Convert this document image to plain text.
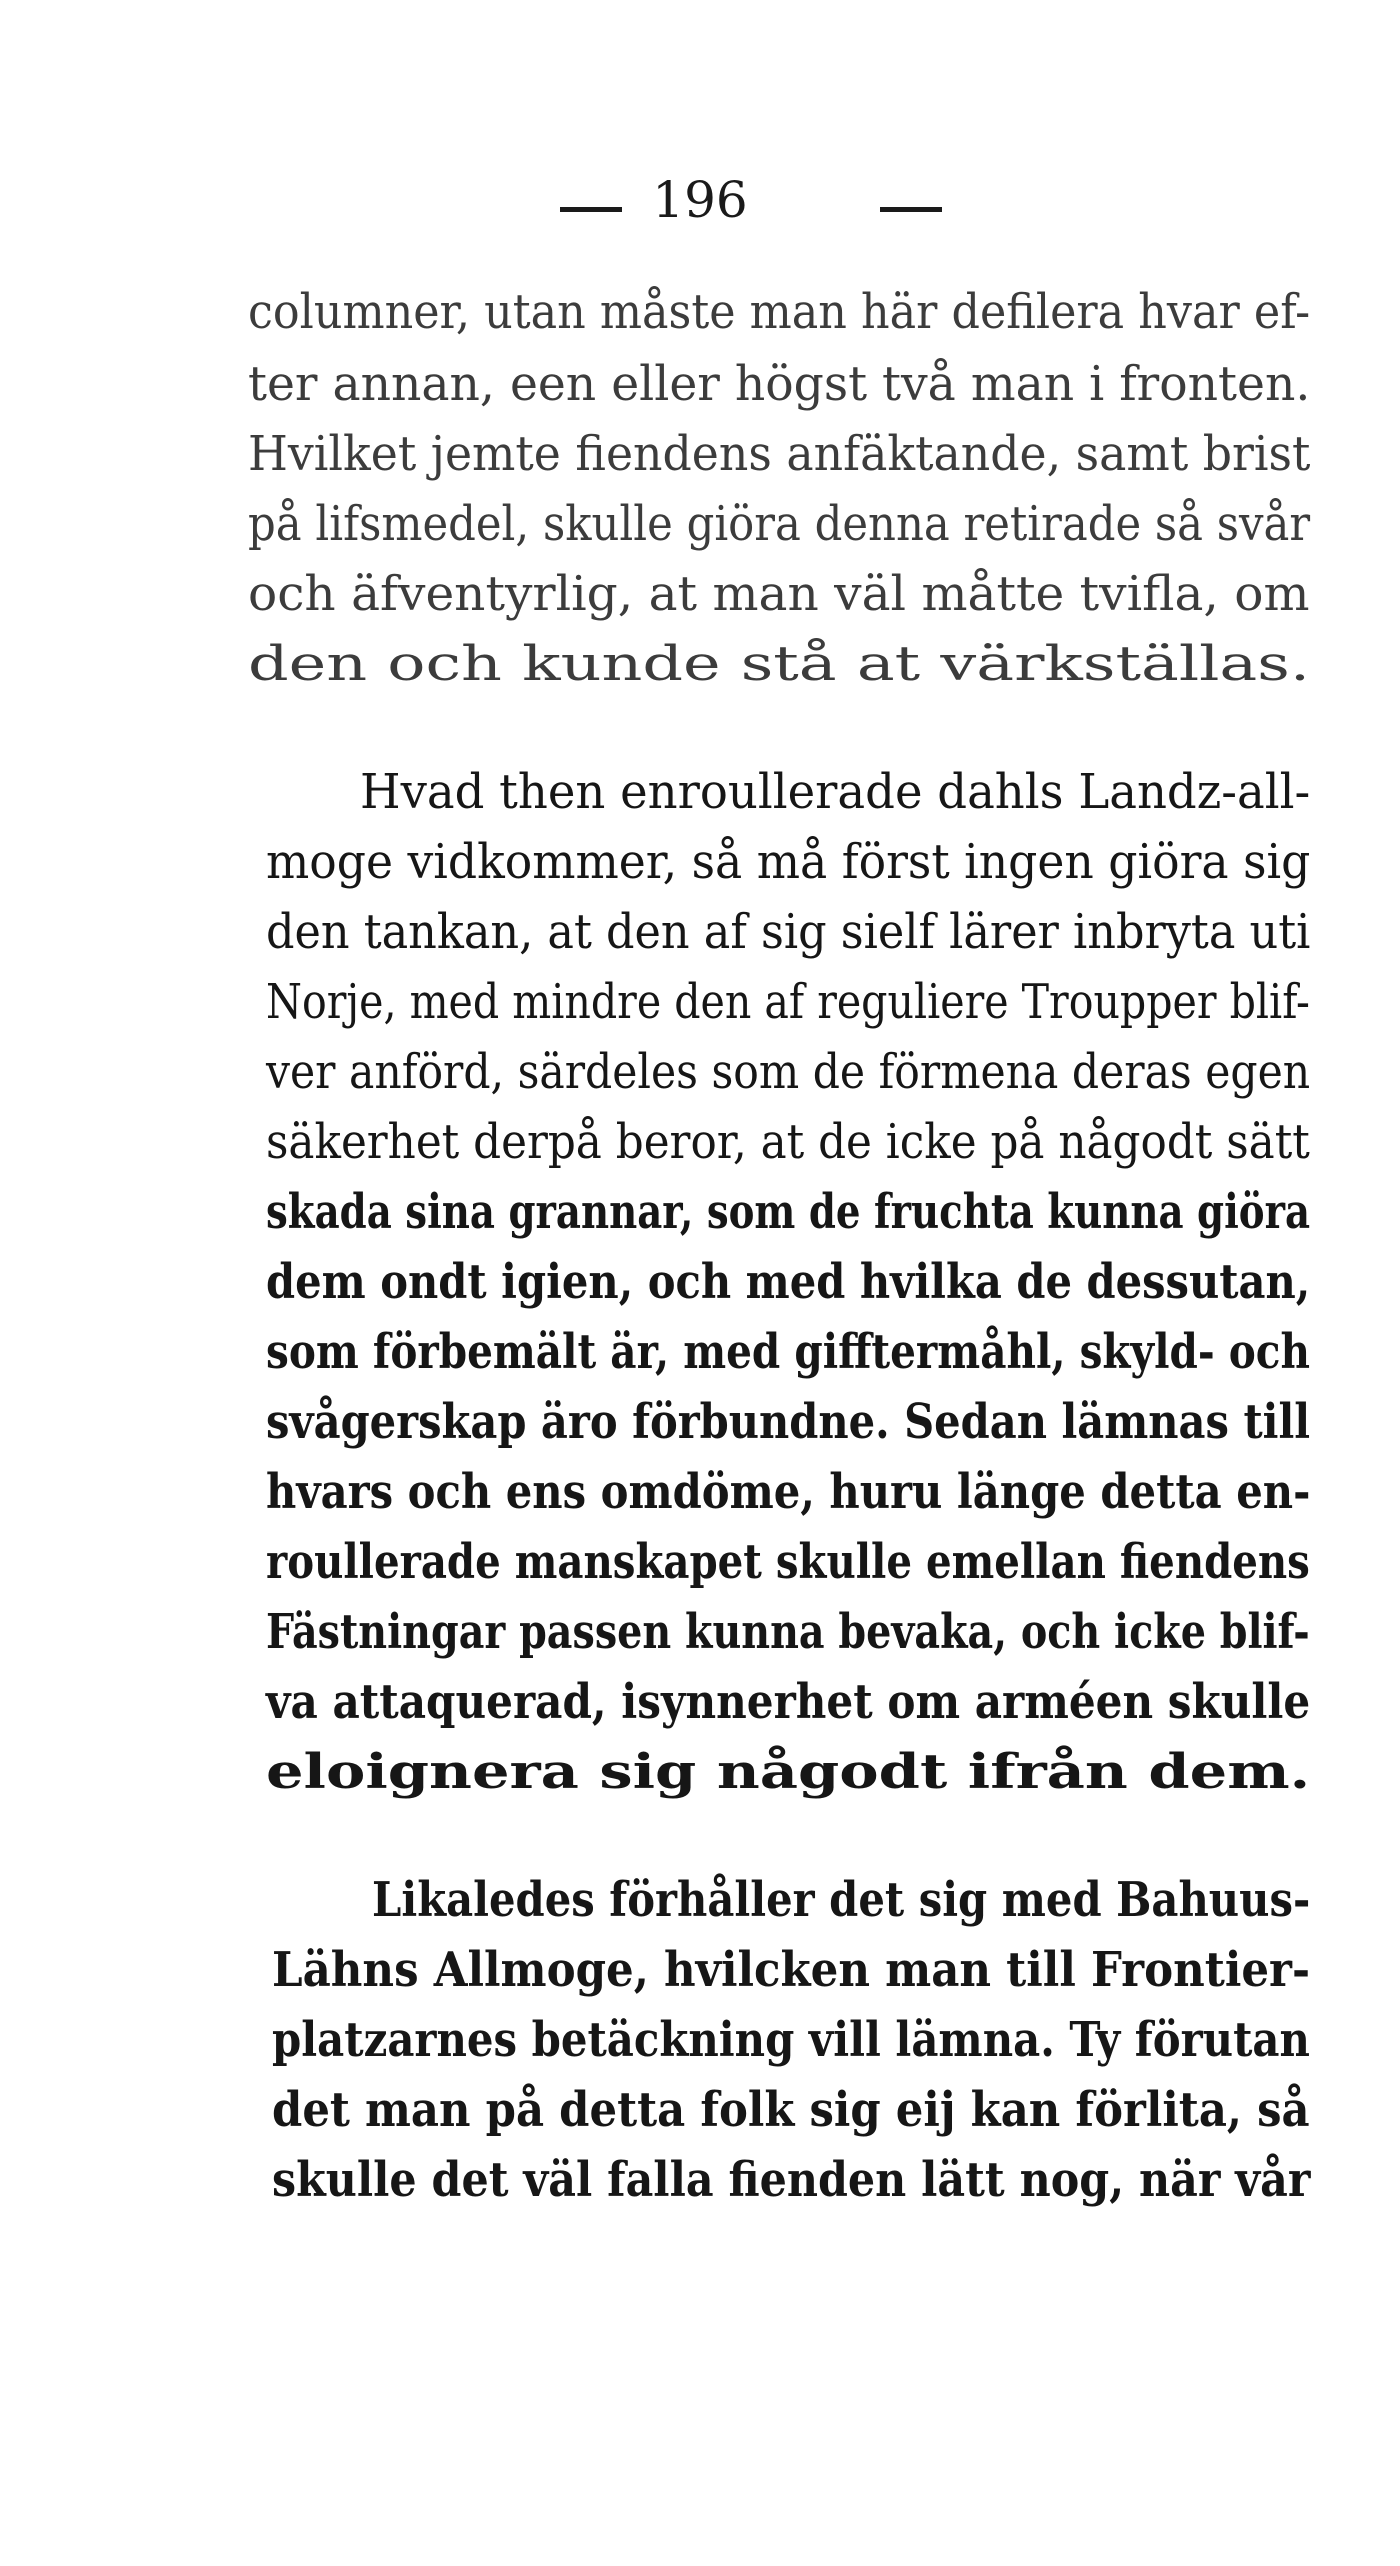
196
columner, utan måste man här defilera hvar ef-
ter annan, een eller högst två man i fronten.
Hvilket jemte fiendens anfäktande, samt brist
på lifsmedel, skulle giöra denna retirade så svår
och äfventyrlig, at man väl måtte tvifla, om
den och kunde stå at värkställas.
Hvad then enroullerade dahls Landz-all-
moge vidkommer, så må först ingen giöra sig
den tankan, at den af sig sielf lärer inbryta uti
Norje, med mindre den af reguliere Troupper blif-
ver anförd, särdeles som de förmena deras egen
säkerhet derpå beror, at de icke på någodt sätt
skada sina grannar, som de fruchta kunna giöra
dem ondt igien, och med hvilka de dessutan,
som förbemält är, med gifftermåhl, skyld- och
svågerskap äro förbundne. Sedan lämnas till
hvars och ens omdöme, huru länge detta en-
roullerade manskapet skulle emellan fiendens
Fästningar passen kunna bevaka, och icke blif-
va attaquerad, isynnerhet om arméen skulle
eloignera sig någodt ifrån dem.
Likaledes förhåller det sig med Bahuus-
Lähns Allmoge, hvilcken man till Frontier-
platzarnes betäckning vill lämna. Ty förutan
det man på detta folk sig eij kan förlita, så
skulle det väl falla fienden lätt nog, när vår
